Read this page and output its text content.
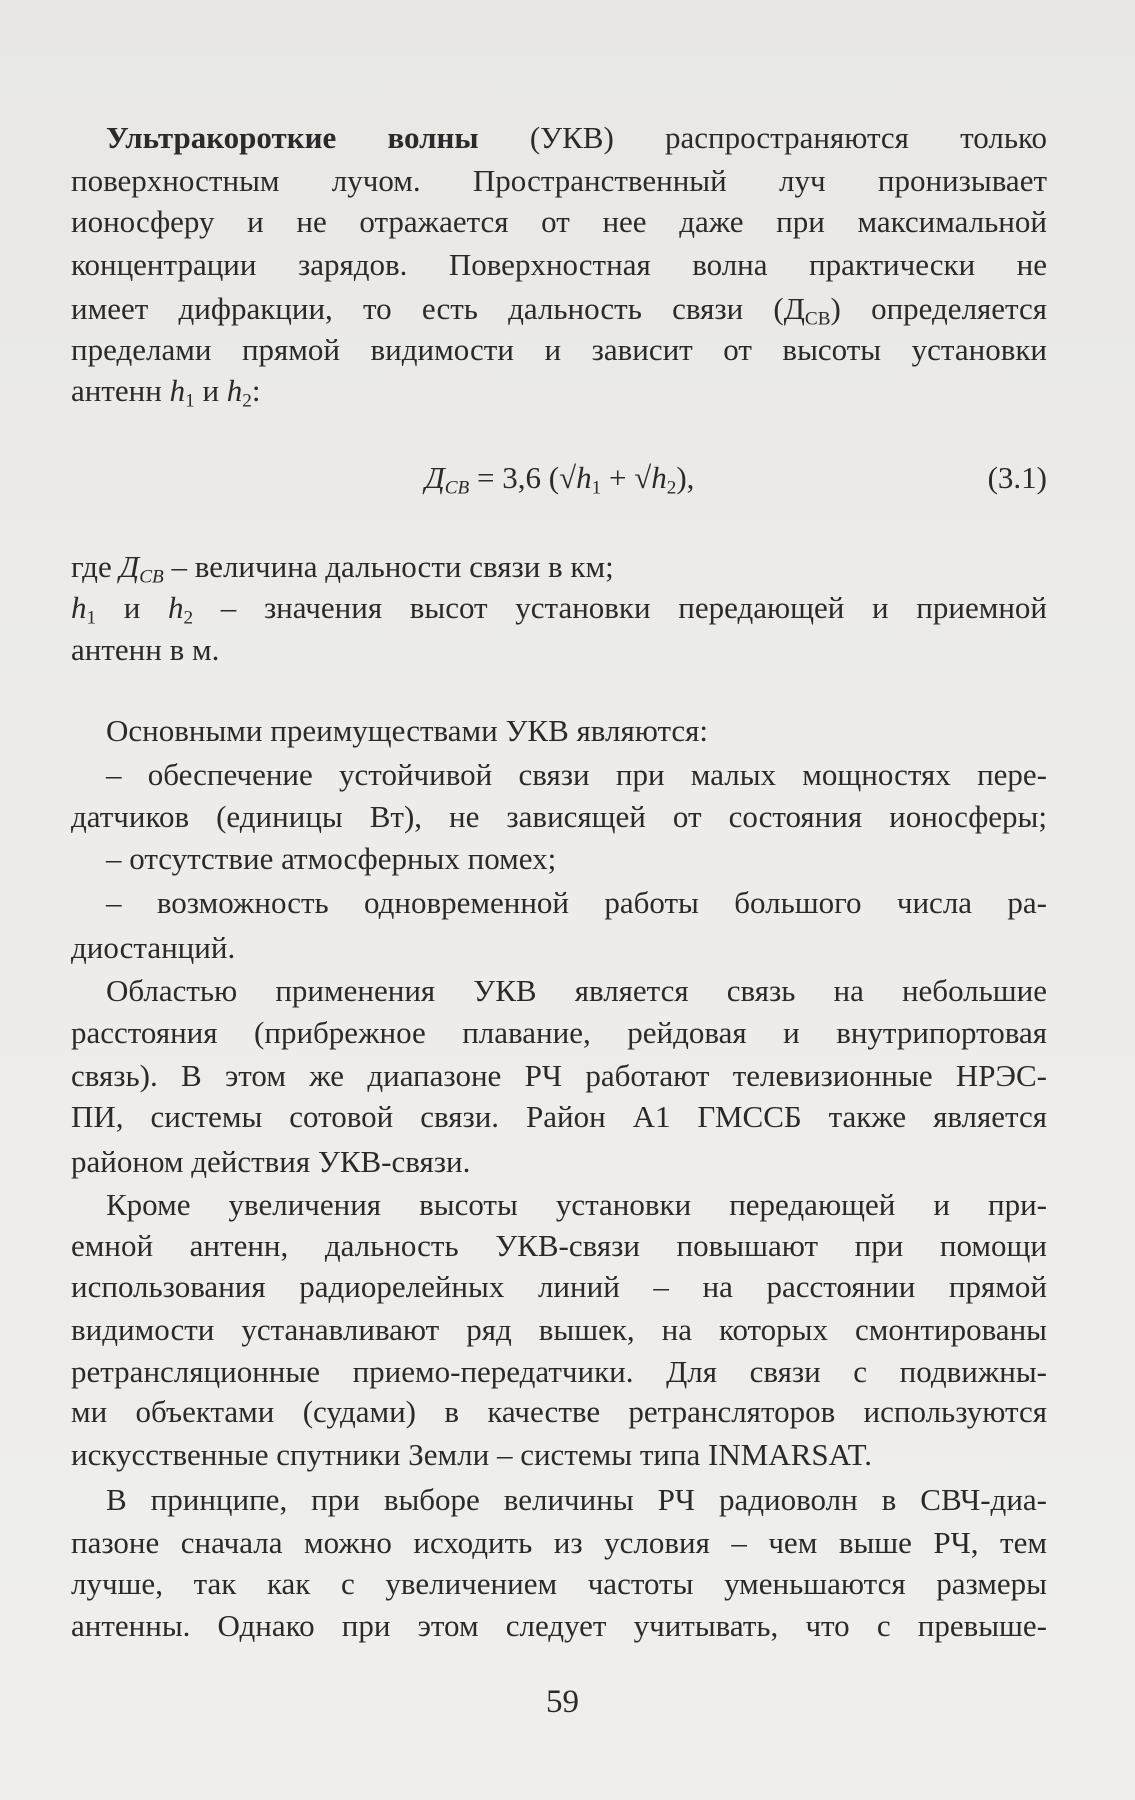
Ультракороткие волны (УКВ) распространяются только
поверхностным лучом. Пространственный луч пронизывает
ионосферу и не отражается от нее даже при максимальной
концентрации зарядов. Поверхностная волна практически не
имеет дифракции, то есть дальность связи $(Д_{СВ})$ определяется
пределами прямой видимости и зависит от высоты установки
антенн $h_1$ и $h_2$:
$Д_{СВ} = 3,6$ $(√h_1 + √h_2)$,	(3.1)
где $Д_{СВ}$ – величина дальности связи в км;
$h_1$ и $h_2$ – значения высот установки передающей и приемной
антенн в м.
Основными преимуществами УКВ являются:
– обеспечение устойчивой связи при малых мощностях пере-
датчиков (единицы Вт), не зависящей от состояния ионосферы;
– отсутствие атмосферных помех;
– возможность одновременной работы большого числа ра-
диостанций.
Областью применения УКВ является связь на небольшие
расстояния (прибрежное плавание, рейдовая и внутрипортовая
связь). В этом же диапазоне РЧ работают телевизионные НРЭС-
ПИ, системы сотовой связи. Район А1 ГМССБ также является
районом действия УКВ-связи.
Кроме увеличения высоты установки передающей и при-
емной антенн, дальность УКВ-связи повышают при помощи
использования радиорелейных линий – на расстоянии прямой
видимости устанавливают ряд вышек, на которых смонтированы
ретрансляционные приемо-передатчики. Для связи с подвижны-
ми объектами (судами) в качестве ретрансляторов используются
искусственные спутники Земли – системы типа INMARSAT.
В принципе, при выборе величины РЧ радиоволн в СВЧ-диа-
пазоне сначала можно исходить из условия – чем выше РЧ, тем
лучше, так как с увеличением частоты уменьшаются размеры
антенны. Однако при этом следует учитывать, что с превыше-
59
